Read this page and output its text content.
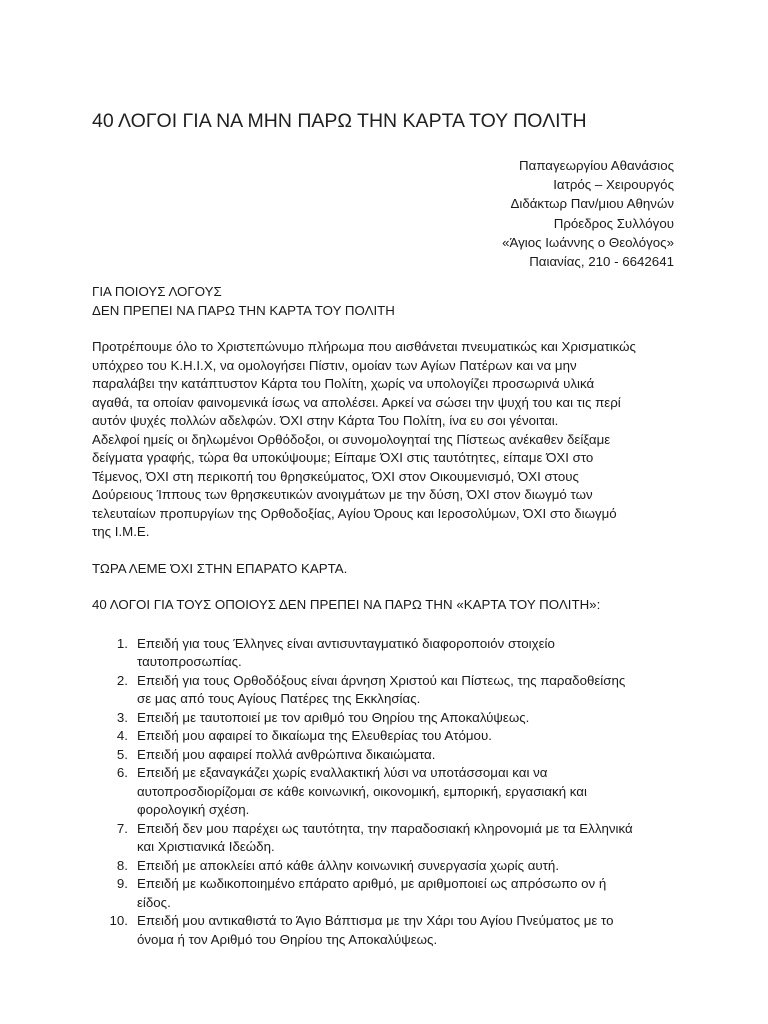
40 ΛΟΓΟΙ ΓΙΑ ΝΑ ΜΗΝ ΠΑΡΩ ΤΗΝ ΚΑΡΤΑ ΤΟΥ ΠΟΛΙΤΗ
Παπαγεωργίου Αθανάσιος
Ιατρός – Χειρουργός
Διδάκτωρ Παν/μιου Αθηνών
Πρόεδρος Συλλόγου
«Άγιος Ιωάννης ο Θεολόγος»
Παιανίας, 210 - 6642641
ΓΙΑ ΠΟΙΟΥΣ ΛΟΓΟΥΣ
ΔΕΝ ΠΡΕΠΕΙ ΝΑ ΠΑΡΩ ΤΗΝ ΚΑΡΤΑ ΤΟΥ ΠΟΛΙΤΗ
Προτρέπουμε όλο το Χριστεπώνυμο πλήρωμα που αισθάνεται πνευματικώς και Χρισματικώς
υπόχρεο του Κ.Η.Ι.Χ, να ομολογήσει Πίστιν, ομοίαν των Αγίων Πατέρων και να μην
παραλάβει την κατάπτυστον Κάρτα του Πολίτη, χωρίς να υπολογίζει προσωρινά υλικά
αγαθά, τα οποίαν φαινομενικά ίσως να απολέσει. Αρκεί να σώσει την ψυχή του και τις περί
αυτόν ψυχές πολλών αδελφών. ΌΧΙ στην Κάρτα Του Πολίτη, ίνα ευ σοι γένοιται.
Αδελφοί ημείς οι δηλωμένοι Ορθόδοξοι, οι συνομολογηταί της Πίστεως ανέκαθεν δείξαμε
δείγματα γραφής, τώρα θα υποκύψουμε; Είπαμε ΌΧΙ στις ταυτότητες, είπαμε ΌΧΙ στο
Τέμενος, ΌΧΙ στη περικοπή του θρησκεύματος, ΌΧΙ στον Οικουμενισμό, ΌΧΙ στους
Δούρειους Ίππους των θρησκευτικών ανοιγμάτων με την δύση, ΌΧΙ στον διωγμό των
τελευταίων προπυργίων της Ορθοδοξίας, Αγίου Όρους και Ιεροσολύμων, ΌΧΙ στο διωγμό
της Ι.Μ.Ε.
ΤΩΡΑ ΛΕΜΕ ΌΧΙ ΣΤΗΝ ΕΠΑΡΑΤΟ ΚΑΡΤΑ.
40 ΛΟΓΟΙ ΓΙΑ ΤΟΥΣ ΟΠΟΙΟΥΣ ΔΕΝ ΠΡΕΠΕΙ ΝΑ ΠΑΡΩ ΤΗΝ «ΚΑΡΤΑ ΤΟΥ ΠΟΛΙΤΗ»:
1. Επειδή για τους Έλληνες είναι αντισυνταγματικό διαφοροποιόν στοιχείο
ταυτοπροσωπίας.
2. Επειδή για τους Ορθοδόξους είναι άρνηση Χριστού και Πίστεως, της παραδοθείσης
σε μας από τους Αγίους Πατέρες της Εκκλησίας.
3. Επειδή με ταυτοποιεί με τον αριθμό του Θηρίου της Αποκαλύψεως.
4. Επειδή μου αφαιρεί το δικαίωμα της Ελευθερίας του Ατόμου.
5. Επειδή μου αφαιρεί πολλά ανθρώπινα δικαιώματα.
6. Επειδή με εξαναγκάζει χωρίς εναλλακτική λύσι να υποτάσσομαι και να
αυτοπροσδιορίζομαι σε κάθε κοινωνική, οικονομική, εμπορική, εργασιακή και
φορολογική σχέση.
7. Επειδή δεν μου παρέχει ως ταυτότητα, την παραδοσιακή κληρονομιά με τα Ελληνικά
και Χριστιανικά Ιδεώδη.
8. Επειδή με αποκλείει από κάθε άλλην κοινωνική συνεργασία χωρίς αυτή.
9. Επειδή με κωδικοποιημένο επάρατο αριθμό, με αριθμοποιεί ως απρόσωπο ον ή
είδος.
10. Επειδή μου αντικαθιστά το Άγιο Βάπτισμα με την Χάρι του Αγίου Πνεύματος με το
όνομα ή τον Αριθμό του Θηρίου της Αποκαλύψεως.
